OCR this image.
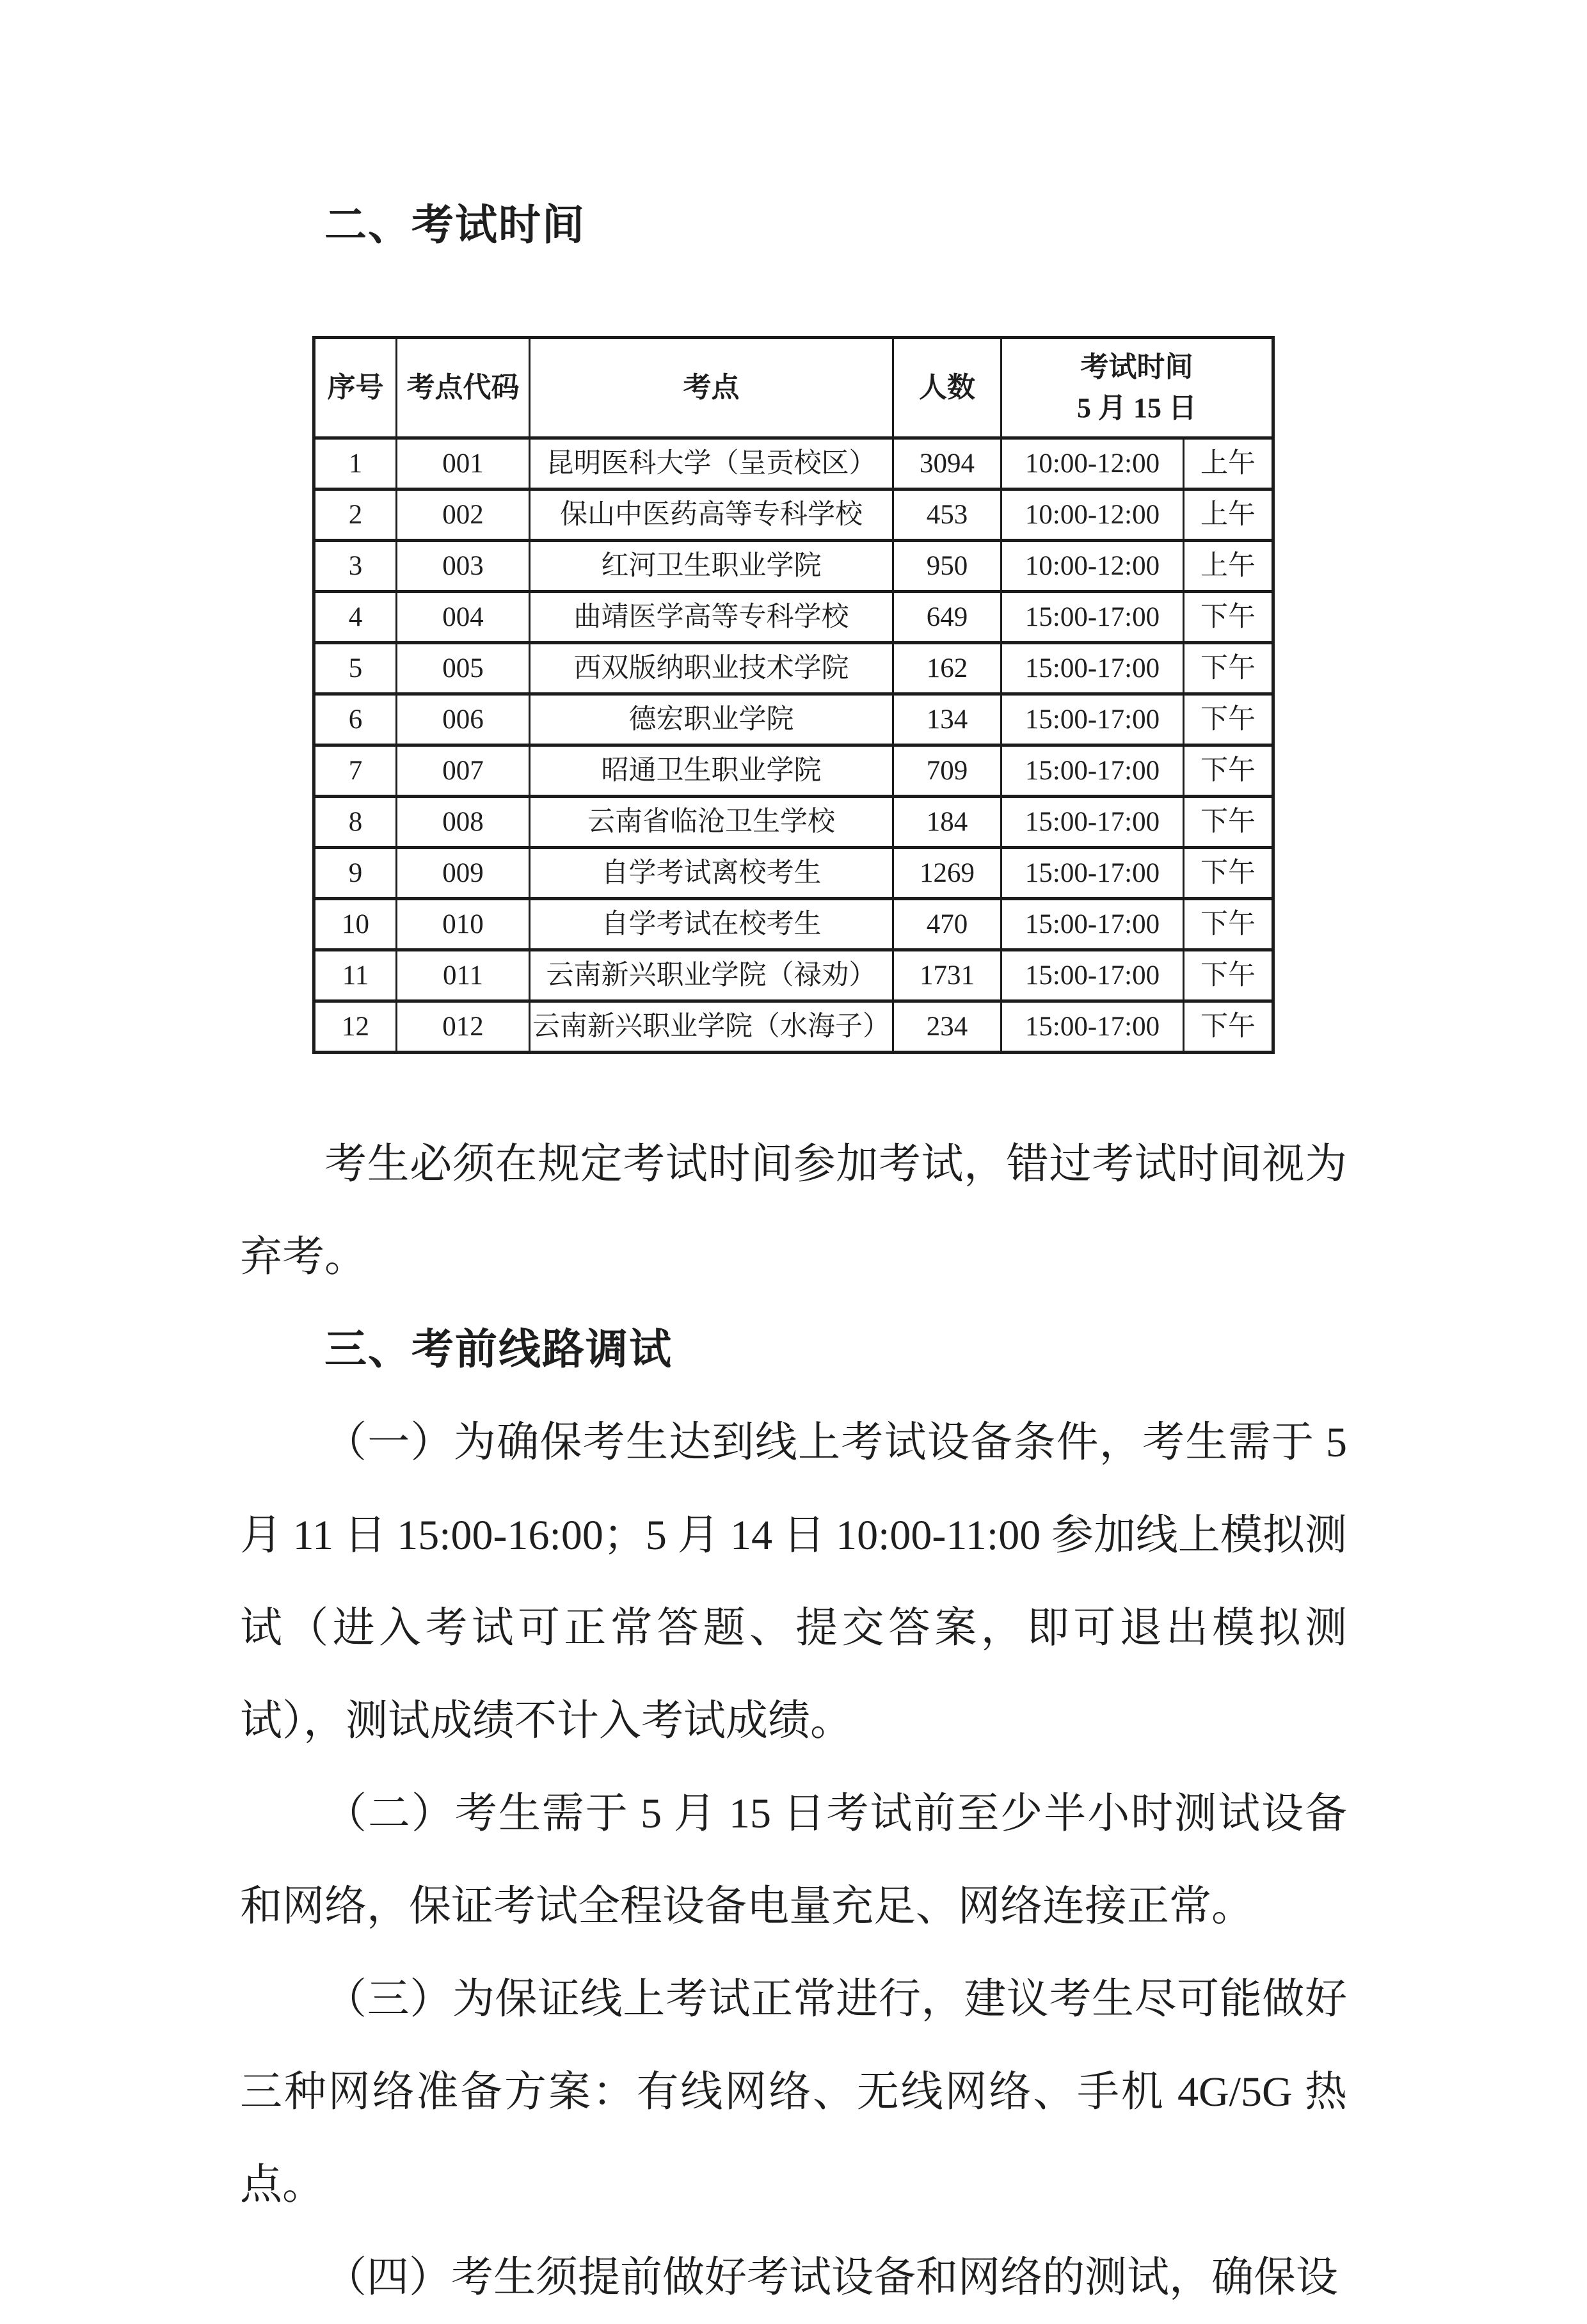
二、考试时间
序号	考点代码	考点	人数	考试时间
5 月 15 日	

1	001	昆明医科大学（呈贡校区）	3094	10:00-12:00	上午
2	002	保山中医药高等专科学校	453	10:00-12:00	上午
3	003	红河卫生职业学院	950	10:00-12:00	上午
4	004	曲靖医学高等专科学校	649	15:00-17:00	下午
5	005	西双版纳职业技术学院	162	15:00-17:00	下午
6	006	德宏职业学院	134	15:00-17:00	下午
7	007	昭通卫生职业学院	709	15:00-17:00	下午
8	008	云南省临沧卫生学校	184	15:00-17:00	下午
9	009	自学考试离校考生	1269	15:00-17:00	下午
10	010	自学考试在校考生	470	15:00-17:00	下午
11	011	云南新兴职业学院（禄劝）	1731	15:00-17:00	下午
12	012	云南新兴职业学院（水海子）	234	15:00-17:00	下午

考生必须在规定考试时间参加考试，错过考试时间视为弃考。

三、考前线路调试

（一）为确保考生达到线上考试设备条件，考生需于 5 月 11 日 15:00-16:00；5 月 14 日 10:00-11:00 参加线上模拟测试（进入考试可正常答题、提交答案，即可退出模拟测试），测试成绩不计入考试成绩。

（二）考生需于 5 月 15 日考试前至少半小时测试设备和网络，保证考试全程设备电量充足、网络连接正常。

（三）为保证线上考试正常进行，建议考生尽可能做好三种网络准备方案：有线网络、无线网络、手机 4G/5G 热点。

（四）考生须提前做好考试设备和网络的测试，确保设
